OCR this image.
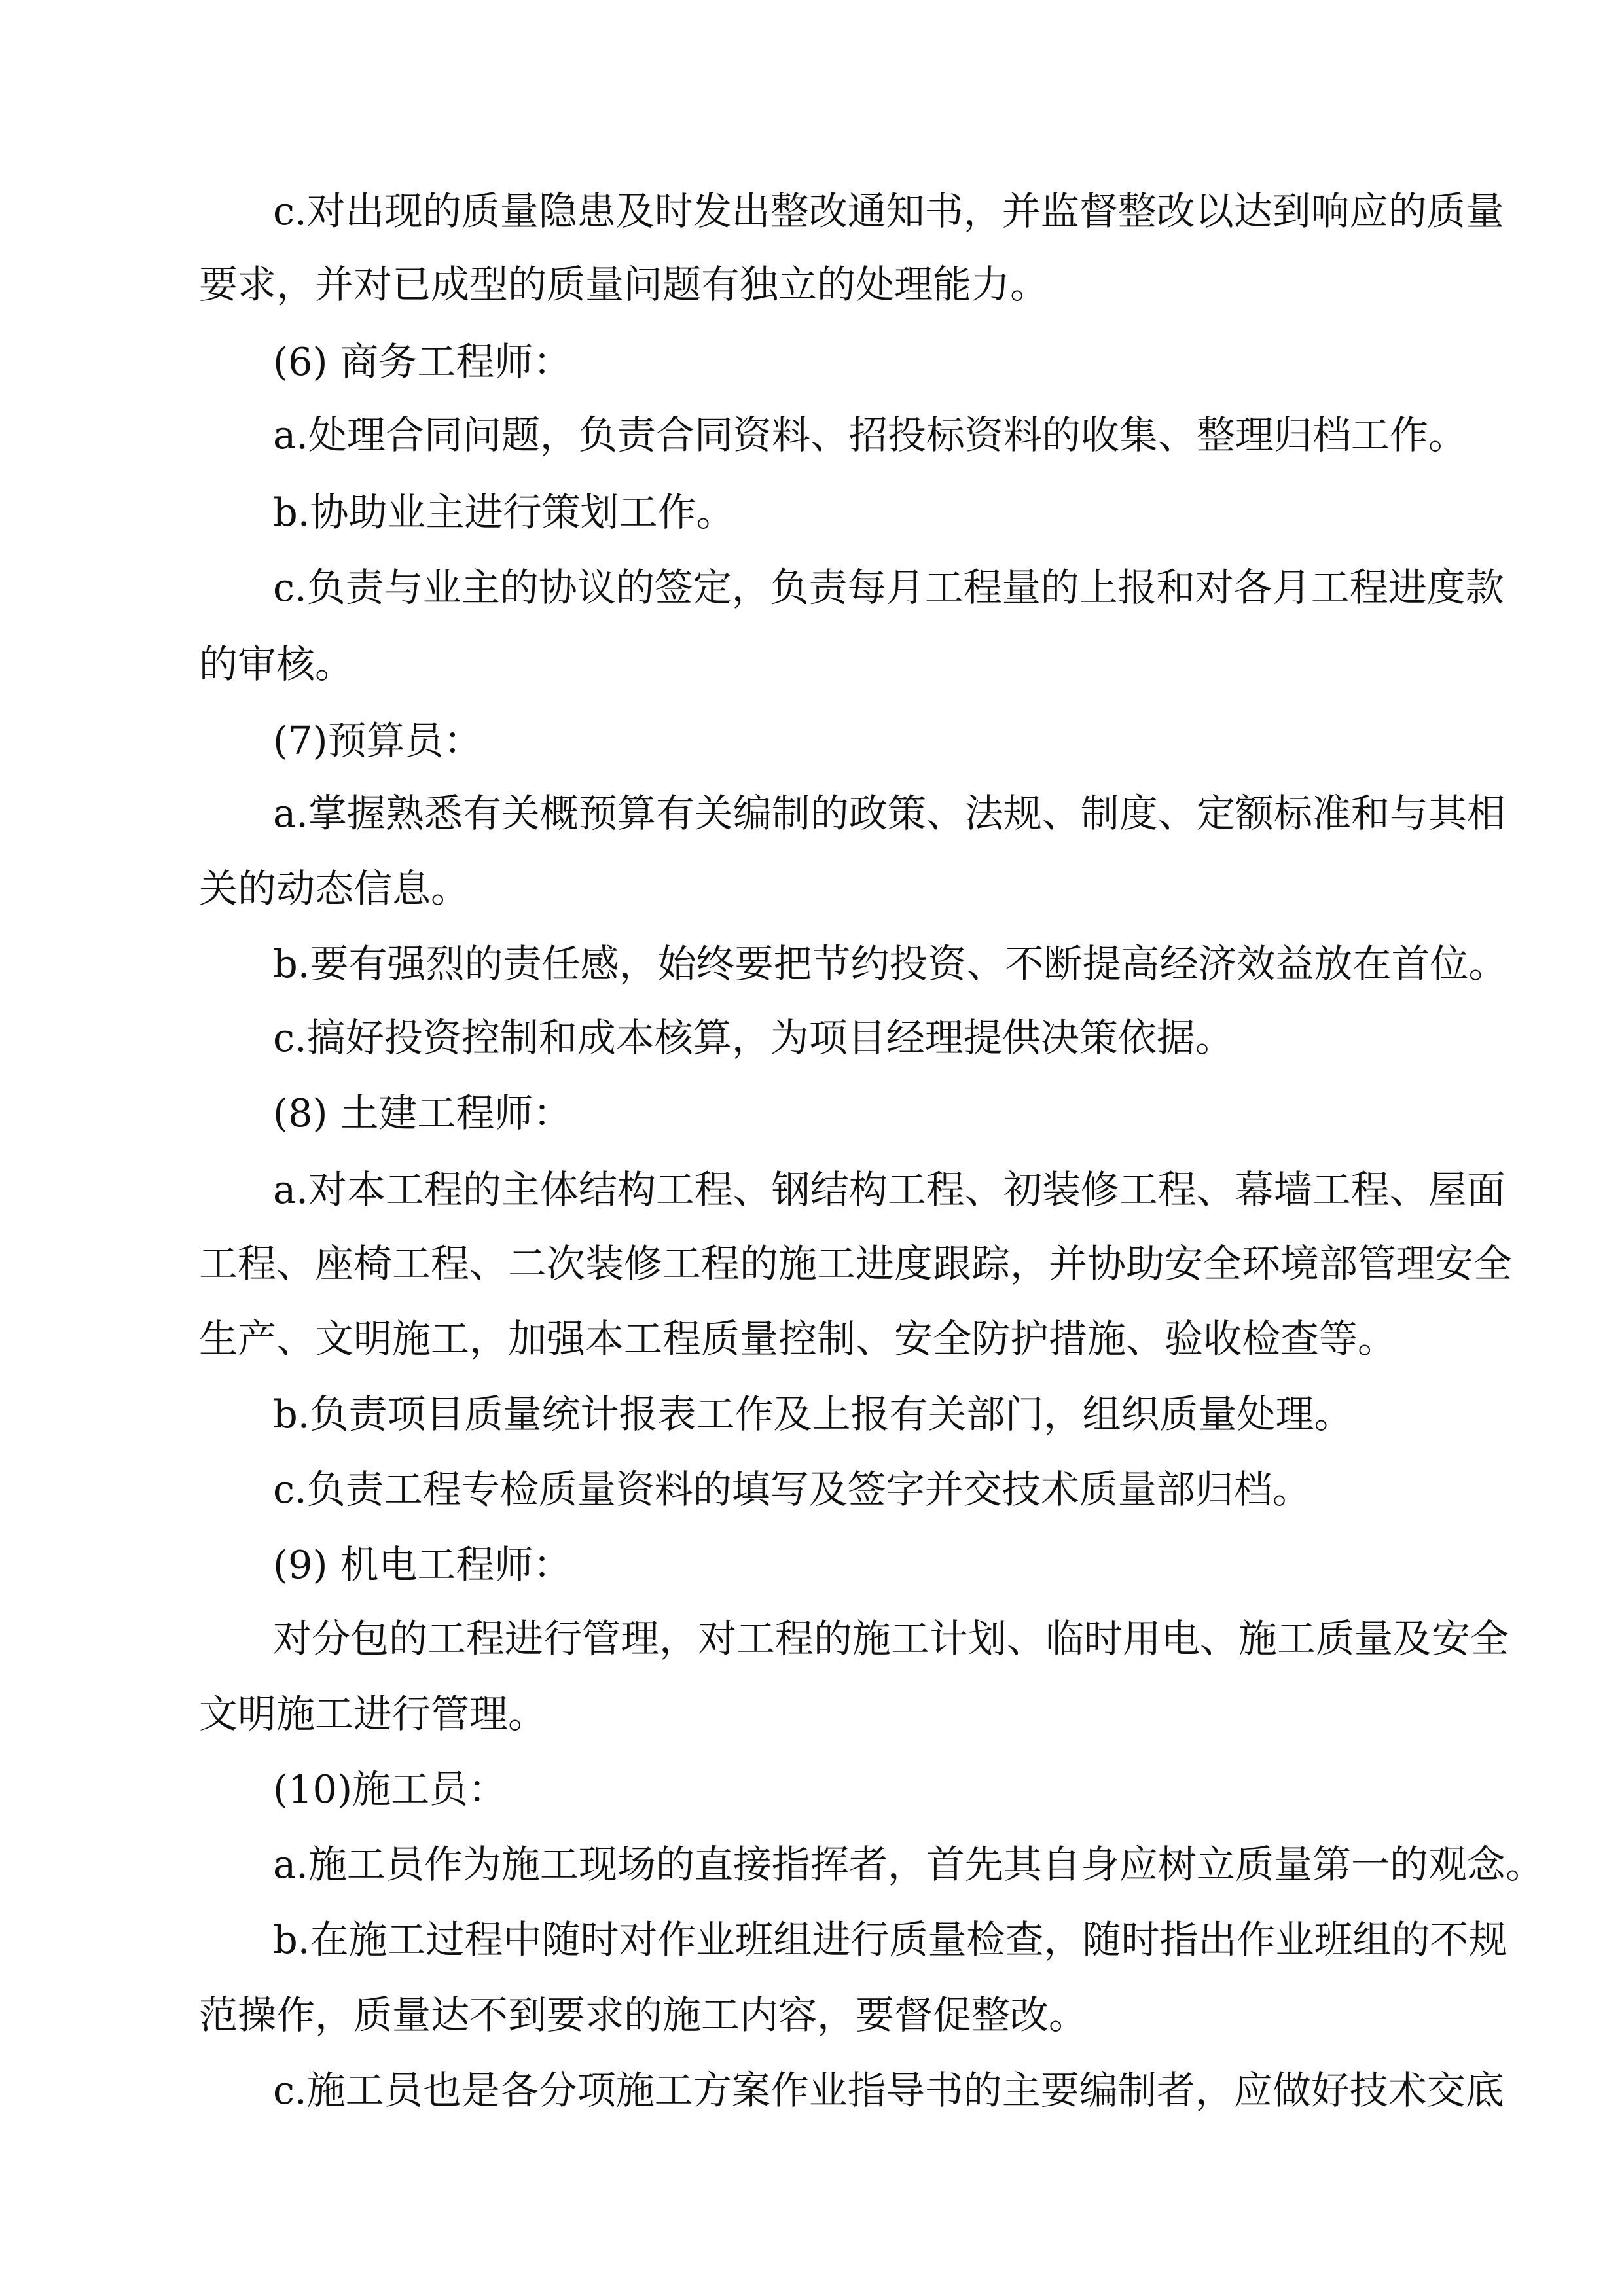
c.对出现的质量隐患及时发出整改通知书，并监督整改以达到响应的质量
要求，并对已成型的质量问题有独立的处理能力。
(6) 商务工程师：
a.处理合同问题，负责合同资料、招投标资料的收集、整理归档工作。
b.协助业主进行策划工作。
c.负责与业主的协议的签定，负责每月工程量的上报和对各月工程进度款
的审核。
(7)预算员：
a.掌握熟悉有关概预算有关编制的政策、法规、制度、定额标准和与其相
关的动态信息。
b.要有强烈的责任感，始终要把节约投资、不断提高经济效益放在首位。
c.搞好投资控制和成本核算，为项目经理提供决策依据。
(8) 土建工程师：
a.对本工程的主体结构工程、钢结构工程、初装修工程、幕墙工程、屋面
工程、座椅工程、二次装修工程的施工进度跟踪，并协助安全环境部管理安全
生产、文明施工，加强本工程质量控制、安全防护措施、验收检查等。
b.负责项目质量统计报表工作及上报有关部门，组织质量处理。
c.负责工程专检质量资料的填写及签字并交技术质量部归档。
(9) 机电工程师：
对分包的工程进行管理，对工程的施工计划、临时用电、施工质量及安全
文明施工进行管理。
(10)施工员：
a.施工员作为施工现场的直接指挥者，首先其自身应树立质量第一的观念。
b.在施工过程中随时对作业班组进行质量检查，随时指出作业班组的不规
范操作，质量达不到要求的施工内容，要督促整改。
c.施工员也是各分项施工方案作业指导书的主要编制者，应做好技术交底
